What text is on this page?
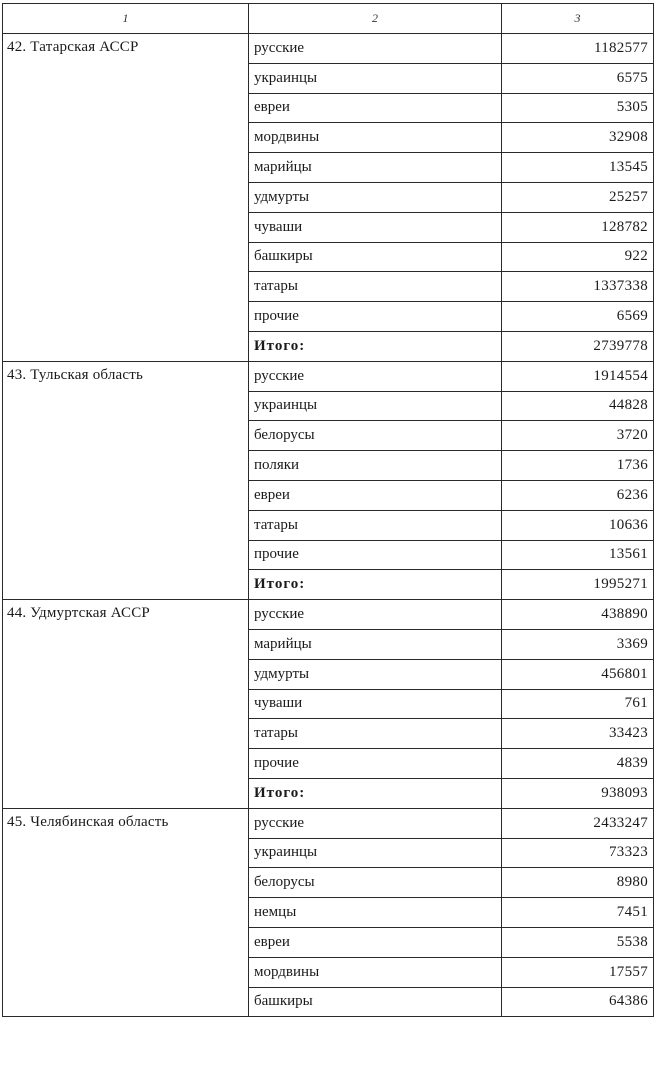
1	2	3
42. Татарская АССР	русские	1182577
	украинцы	6575
	евреи	5305
	мордвины	32908
	марийцы	13545
	удмурты	25257
	чуваши	128782
	башкиры	922
	татары	1337338
	прочие	6569
	Итого:	2739778
43. Тульская область	русские	1914554
	украинцы	44828
	белорусы	3720
	поляки	1736
	евреи	6236
	татары	10636
	прочие	13561
	Итого:	1995271
44. Удмуртская АССР	русские	438890
	марийцы	3369
	удмурты	456801
	чуваши	761
	татары	33423
	прочие	4839
	Итого:	938093
45. Челябинская область	русские	2433247
	украинцы	73323
	белорусы	8980
	немцы	7451
	евреи	5538
	мордвины	17557
	башкиры	64386
